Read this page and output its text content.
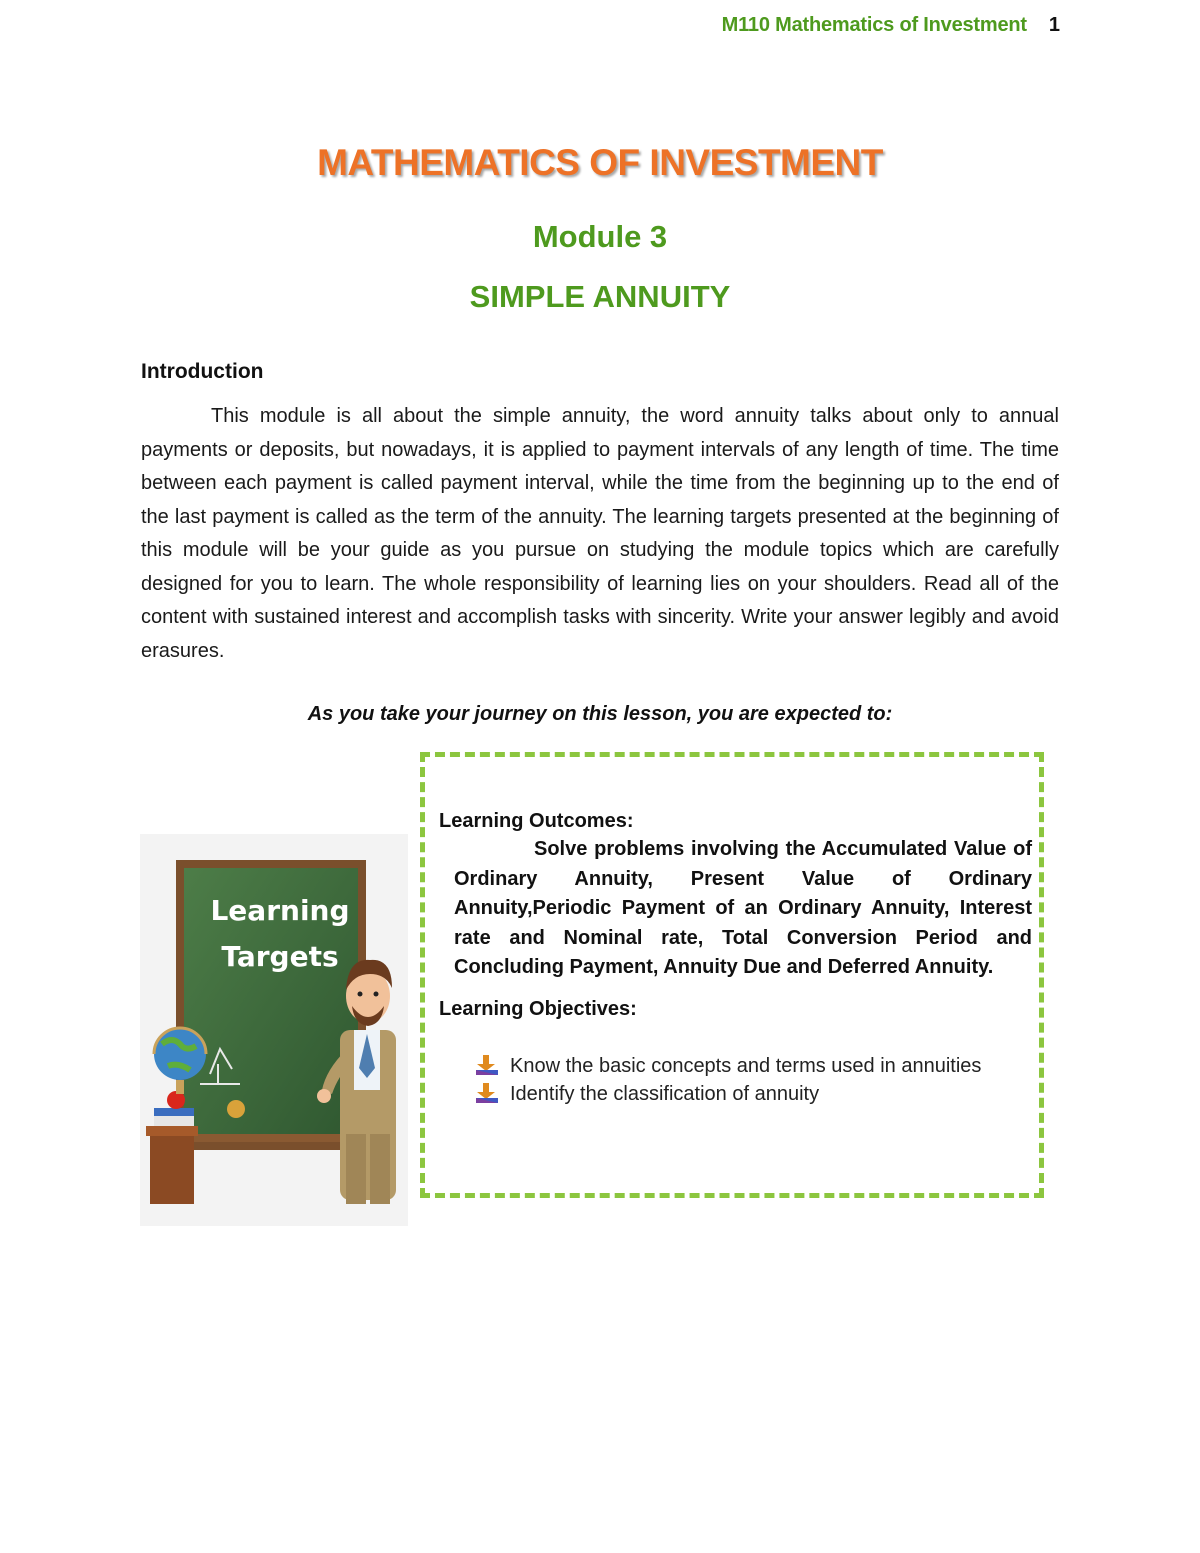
M110 Mathematics of Investment 1
MATHEMATICS OF INVESTMENT
Module 3
SIMPLE ANNUITY
Introduction
This module is all about the simple annuity, the word annuity talks about only to annual payments or deposits, but nowadays, it is applied to payment intervals of any length of time. The time between each payment is called payment interval, while the time from the beginning up to the end of the last payment is called as the term of the annuity. The learning targets presented at the beginning of this module will be your guide as you pursue on studying the module topics which are carefully designed for you to learn. The whole responsibility of learning lies on your shoulders. Read all of the content with sustained interest and accomplish tasks with sincerity. Write your answer legibly and avoid erasures.
As you take your journey on this lesson, you are expected to:
Learning
Targets
Learning Outcomes:
Solve problems involving the Accumulated Value of Ordinary Annuity, Present Value of Ordinary Annuity,Periodic Payment of an Ordinary Annuity, Interest rate and Nominal rate, Total Conversion Period and Concluding Payment, Annuity Due and Deferred Annuity.
Learning Objectives:
Know the basic concepts and terms used in annuities
Identify the classification of annuity
